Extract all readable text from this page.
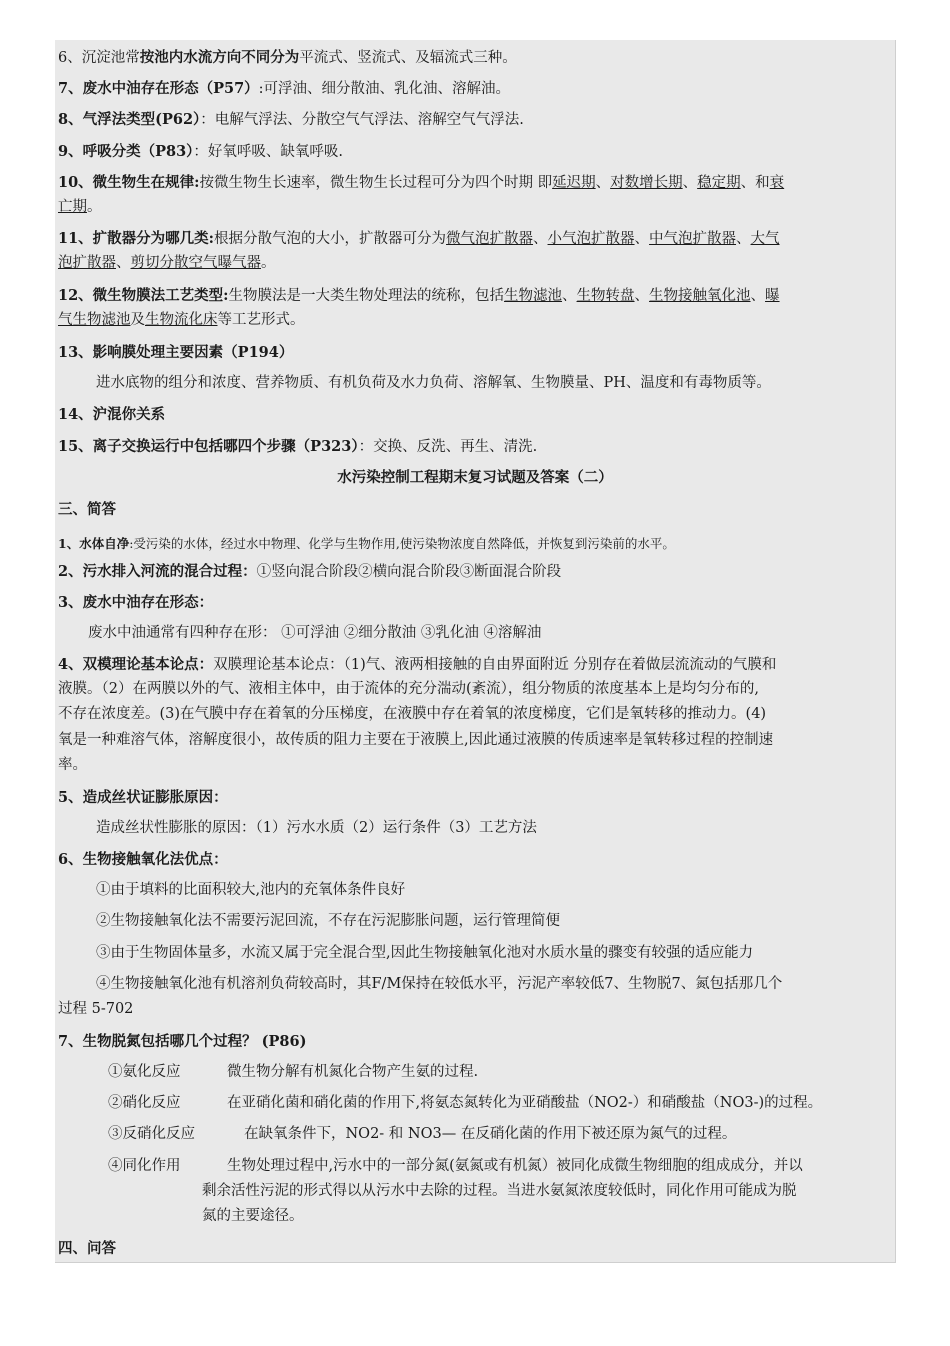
6、沉淀池常按池内水流方向不同分为平流式、竖流式、及辐流式三种。
7、废水中油存在形态（P57）:可浮油、细分散油、乳化油、溶解油。
8、气浮法类型(P62）：电解气浮法、分散空气气浮法、溶解空气气浮法.
9、呼吸分类（P83）：好氧呼吸、缺氧呼吸.
10、微生物生在规律:按微生物生长速率，微生物生长过程可分为四个时期 即延迟期、对数增长期、稳定期、和衰
亡期。
11、扩散器分为哪几类:根据分散气泡的大小，扩散器可分为微气泡扩散器、小气泡扩散器、中气泡扩散器、大气
泡扩散器、剪切分散空气曝气器。
12、微生物膜法工艺类型:生物膜法是一大类生物处理法的统称，包括生物滤池、生物转盘、生物接触氧化池、曝
气生物滤池及生物流化床等工艺形式。
13、影响膜处理主要因素（P194）
进水底物的组分和浓度、营养物质、有机负荷及水力负荷、溶解氧、生物膜量、PH、温度和有毒物质等。
14、沪混你关系
15、离子交换运行中包括哪四个步骤（P323）：交换、反洗、再生、清洗.
水污染控制工程期末复习试题及答案（二）
三、简答
1、水体自净:受污染的水体，经过水中物理、化学与生物作用,使污染物浓度自然降低，并恢复到污染前的水平。
2、污水排入河流的混合过程：①竖向混合阶段②横向混合阶段③断面混合阶段
3、废水中油存在形态：
废水中油通常有四种存在形： ①可浮油 ②细分散油 ③乳化油 ④溶解油
4、双模理论基本论点：双膜理论基本论点：（1)气、液两相接触的自由界面附近 分别存在着做层流流动的气膜和
液膜。（2）在两膜以外的气、液相主体中，由于流体的充分湍动(紊流），组分物质的浓度基本上是均匀分布的,
不存在浓度差。(3)在气膜中存在着氧的分压梯度，在液膜中存在着氧的浓度梯度，它们是氧转移的推动力。(4)
氧是一种难溶气体，溶解度很小，故传质的阻力主要在于液膜上,因此通过液膜的传质速率是氧转移过程的控制速
率。
5、造成丝状证膨胀原因：
造成丝状性膨胀的原因：（1）污水水质（2）运行条件（3）工艺方法
6、生物接触氧化法优点：
①由于填料的比面积较大,池内的充氧体条件良好
②生物接触氧化法不需要污泥回流，不存在污泥膨胀问题，运行管理简便
③由于生物固体量多，水流又属于完全混合型,因此生物接触氧化池对水质水量的骤变有较强的适应能力
④生物接触氧化池有机溶剂负荷较高时，其F/M保持在较低水平，污泥产率较低7、生物脱7、氮包括那几个
过程 5-702
7、生物脱氮包括哪几个过程？ (P86)
①氨化反应	微生物分解有机氮化合物产生氨的过程.
②硝化反应	在亚硝化菌和硝化菌的作用下,将氨态氮转化为亚硝酸盐（NO2-）和硝酸盐（NO3-)的过程。
③反硝化反应	在缺氧条件下，NO2- 和 NO3— 在反硝化菌的作用下被还原为氮气的过程。
④同化作用	生物处理过程中,污水中的一部分氮(氨氮或有机氮）被同化成微生物细胞的组成成分，并以
剩余活性污泥的形式得以从污水中去除的过程。当进水氨氮浓度较低时，同化作用可能成为脱
氮的主要途径。
四、问答
